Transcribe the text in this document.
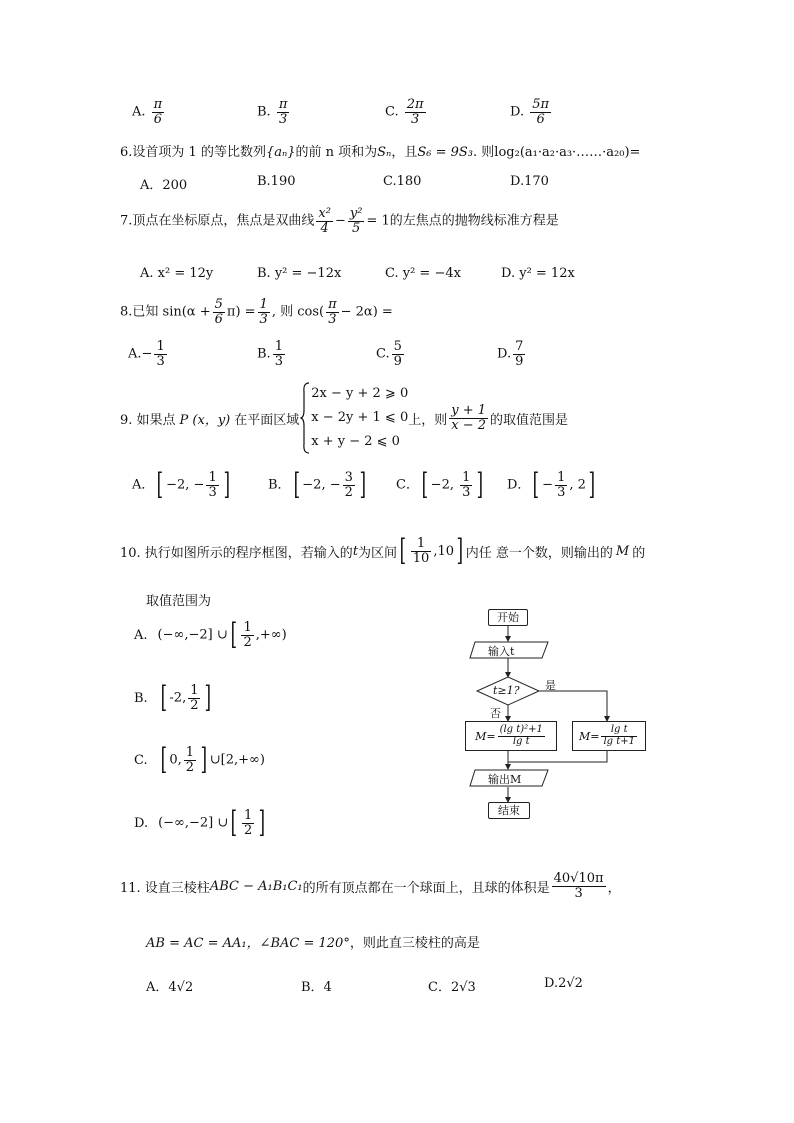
A. $\frac{\pi}{6}$	B. $\frac{\pi}{3}$	C. $\frac{2\pi}{3}$	D. $\frac{5\pi}{6}$
6.设首项为 1 的等比数列{aₙ}的前 n 项和为Sₙ，且S₆ = 9S₃. 则log₂(a₁·a₂·a₃·……·a₂₀)=
A．200	B.190	C.180	D.170
7.顶点在坐标原点，焦点是双曲线 $\frac{\text{x²}}{4} - \frac{\text{y²}}{5} = 1$的左焦点的抛物线标准方程是
A. x² = 12y	B. y² = −12x	C. y² = −4x	D. y² = 12x
8.已知 $\sin(\alpha + \frac{5}{6} \pi) = \frac{1}{3}$ , 则 $\cos( \frac{\pi}{3} - 2\alpha)$ =
$A.- \frac{1}{3}$	B. $\frac{1}{3}$	C. $\frac{5}{9}$	D. $\frac{7}{9}$
9. 如果点 P (x，y) 在平面区域
2x − y + 2 ⩾ 0
x − 2y + 1 ⩽ 0
x + y − 2 ⩽ 0
上，则 $\frac{y + 1}{x - 2}$ 的取值范围是
A．[ −2, − $\frac{1}{3}$ ]	B．[ −2, − $\frac{3}{2}$ ] C．[ −2, $\frac{1}{3}$ ] D．[ − $\frac{1}{3}$ , 2]
10. 执行如图所示的程序框图，若输入的 t 为区间 [ $\frac{1}{10} ,10$ ] 内任 意一个数，则输出的 M 的
取值范围为
A. (−∞,−2] ∪[ $\frac{1}{2}$ ,+∞)
B. [ -2, $\frac{1}{2}$ ]
C. [ 0, $\frac{1}{2}$ ] ∪[2,+∞)
D. (−∞,−2] ∪[ $\frac{1}{2}$ ]
开始
输入t
t≥1? 是
否
$M= \frac{\text{(lg t)²+1}}{\text{lg t}}$	$M= \frac{\text{lg t}}{\text{lg t+1}}$
输出M
结束
11. 设直三棱柱 ABC − A₁B₁C₁ 的所有顶点都在一个球面上，且球的体积是 $\frac{40√10\pi}{3}$ ，
AB = AC = AA₁，∠BAC = 120°，则此直三棱柱的高是
A．4√2	B．4	C．2√3	D.2√2
